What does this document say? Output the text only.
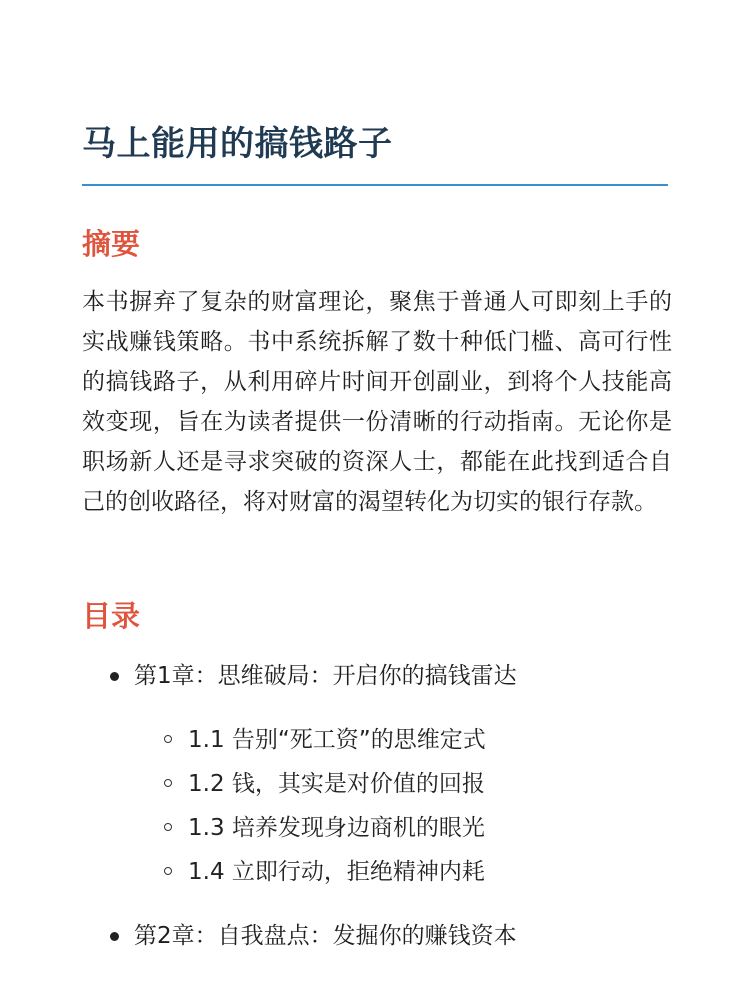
马上能用的搞钱路子
摘要

本书摒弃了复杂的财富理论，聚焦于普通人可即刻上手的实战赚钱策略。书中系统拆解了数十种低门槛、高可行性的搞钱路子，从利用碎片时间开创副业，到将个人技能高效变现，旨在为读者提供一份清晰的行动指南。无论你是职场新人还是寻求突破的资深人士，都能在此找到适合自己的创收路径，将对财富的渴望转化为切实的银行存款。

目录
第1章：思维破局：开启你的搞钱雷达
1.1 告别“死工资”的思维定式
1.2 钱，其实是对价值的回报
1.3 培养发现身边商机的眼光
1.4 立即行动，拒绝精神内耗
第2章：自我盘点：发掘你的赚钱资本
